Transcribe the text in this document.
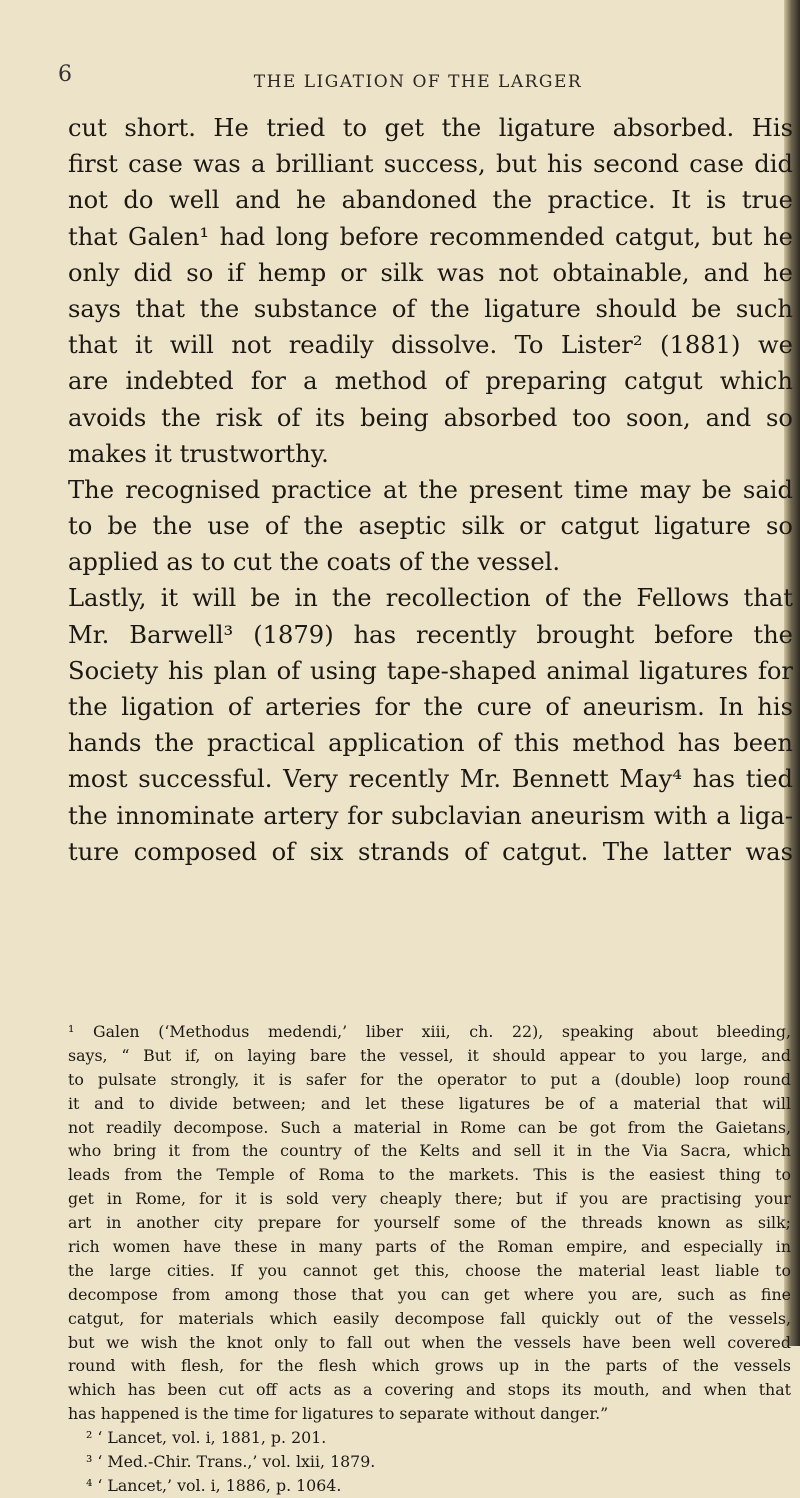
6	THE LIGATION OF THE LARGER
cut short. He tried to get the ligature absorbed. His
first case was a brilliant success, but his second case did
not do well and he abandoned the practice. It is true
that Galen¹ had long before recommended catgut, but he
only did so if hemp or silk was not obtainable, and he
says that the substance of the ligature should be such
that it will not readily dissolve. To Lister² (1881) we
are indebted for a method of preparing catgut which
avoids the risk of its being absorbed too soon, and so
makes it trustworthy.
The recognised practice at the present time may be said
to be the use of the aseptic silk or catgut ligature so
applied as to cut the coats of the vessel.
Lastly, it will be in the recollection of the Fellows that
Mr. Barwell³ (1879) has recently brought before the
Society his plan of using tape-shaped animal ligatures for
the ligation of arteries for the cure of aneurism. In his
hands the practical application of this method has been
most successful. Very recently Mr. Bennett May⁴ has tied
the innominate artery for subclavian aneurism with a liga-
ture composed of six strands of catgut. The latter was
¹ Galen (‘Methodus medendi,’ liber xiii, ch. 22), speaking about bleeding,
says, “ But if, on laying bare the vessel, it should appear to you large, and
to pulsate strongly, it is safer for the operator to put a (double) loop round
it and to divide between; and let these ligatures be of a material that will
not readily decompose. Such a material in Rome can be got from the Gaietans,
who bring it from the country of the Kelts and sell it in the Via Sacra, which
leads from the Temple of Roma to the markets. This is the easiest thing to
get in Rome, for it is sold very cheaply there; but if you are practising your
art in another city prepare for yourself some of the threads known as silk;
rich women have these in many parts of the Roman empire, and especially in
the large cities. If you cannot get this, choose the material least liable to
decompose from among those that you can get where you are, such as fine
catgut, for materials which easily decompose fall quickly out of the vessels,
but we wish the knot only to fall out when the vessels have been well covered
round with flesh, for the flesh which grows up in the parts of the vessels
which has been cut off acts as a covering and stops its mouth, and when that
has happened is the time for ligatures to separate without danger.”
² ‘ Lancet, vol. i, 1881, p. 201.
³ ‘ Med.-Chir. Trans.,’ vol. lxii, 1879.
⁴ ‘ Lancet,’ vol. i, 1886, p. 1064.
